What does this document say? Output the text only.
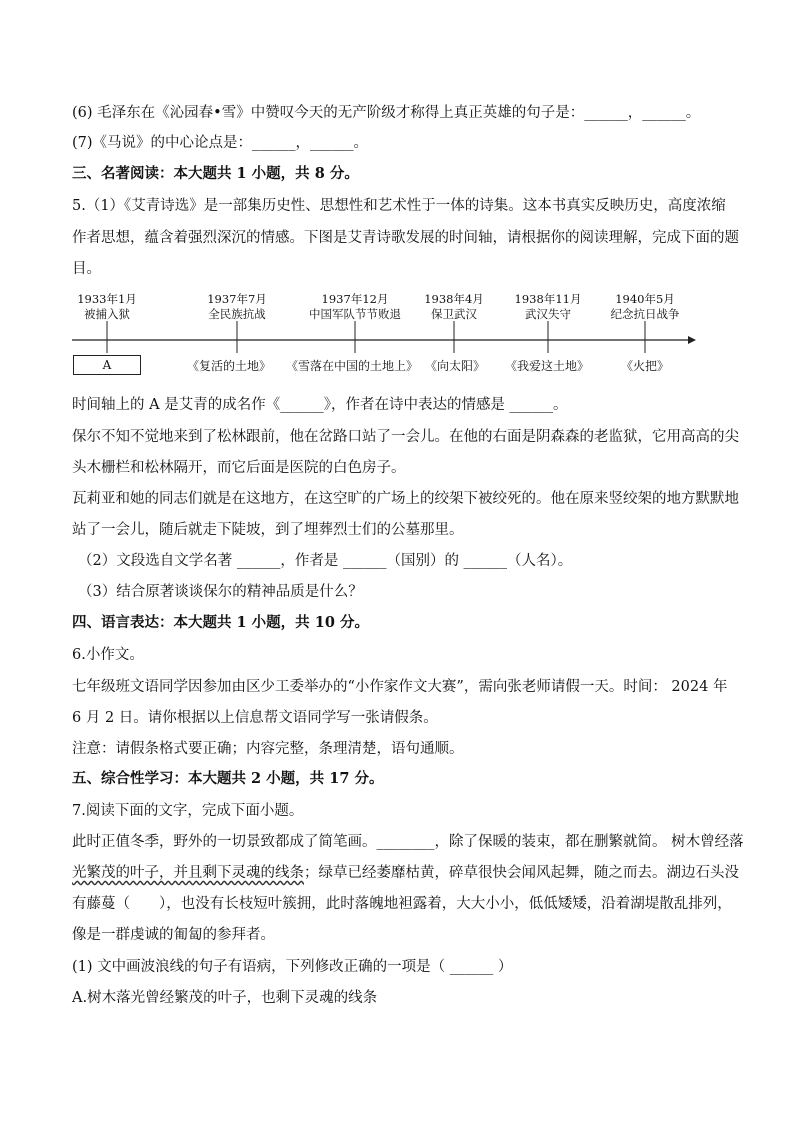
(6) 毛泽东在《沁园春•雪》中赞叹今天的无产阶级才称得上真正英雄的句子是：______，______。
(7)《马说》的中心论点是：______，______。
三、名著阅读：本大题共 1 小题，共 8 分。
5.（1）《艾青诗选》是一部集历史性、思想性和艺术性于一体的诗集。这本书真实反映历史，高度浓缩
作者思想，蕴含着强烈深沉的情感。下图是艾青诗歌发展的时间轴，请根据你的阅读理解，完成下面的题
目。
1933年1月
被捕入狱
1937年7月
全民族抗战
1937年12月
中国军队节节败退
1938年4月
保卫武汉
1938年11月
武汉失守
1940年5月
纪念抗日战争
A	《复活的土地》 《雪落在中国的土地上》 《向太阳》 《我爱这土地》	《火把》
时间轴上的 A 是艾青的成名作《______》，作者在诗中表达的情感是 ______。
保尔不知不觉地来到了松林跟前，他在岔路口站了一会儿。在他的右面是阴森森的老监狱，它用高高的尖
头木栅栏和松林隔开，而它后面是医院的白色房子。
瓦莉亚和她的同志们就是在这地方，在这空旷的广场上的绞架下被绞死的。他在原来竖绞架的地方默默地
站了一会儿，随后就走下陡坡，到了埋葬烈士们的公墓那里。
（2）文段选自文学名著 ______，作者是 ______（国别）的 ______（人名）。
（3）结合原著谈谈保尔的精神品质是什么？
四、语言表达：本大题共 1 小题，共 10 分。
6.小作文。
七年级班文语同学因参加由区少工委举办的“小作家作文大赛”，需向张老师请假一天。时间： 2024 年
6 月 2 日。请你根据以上信息帮文语同学写一张请假条。
注意：请假条格式要正确；内容完整，条理清楚，语句通顺。
五、综合性学习：本大题共 2 小题，共 17 分。
7.阅读下面的文字，完成下面小题。
此时正值冬季，野外的一切景致都成了简笔画。________，除了保暖的装束，都在删繁就简。 树木曾经落
光繁茂的叶子，并且剩下灵魂的线条；绿草已经萎靡枯黄，碎草很快会闻风起舞，随之而去。湖边石头没
有藤蔓（　　），也没有长枝短叶簇拥，此时落魄地袒露着，大大小小，低低矮矮，沿着湖堤散乱排列，
像是一群虔诚的匍匐的参拜者。
(1) 文中画波浪线的句子有语病，下列修改正确的一项是（ ______ ）
A.树木落光曾经繁茂的叶子，也剩下灵魂的线条
